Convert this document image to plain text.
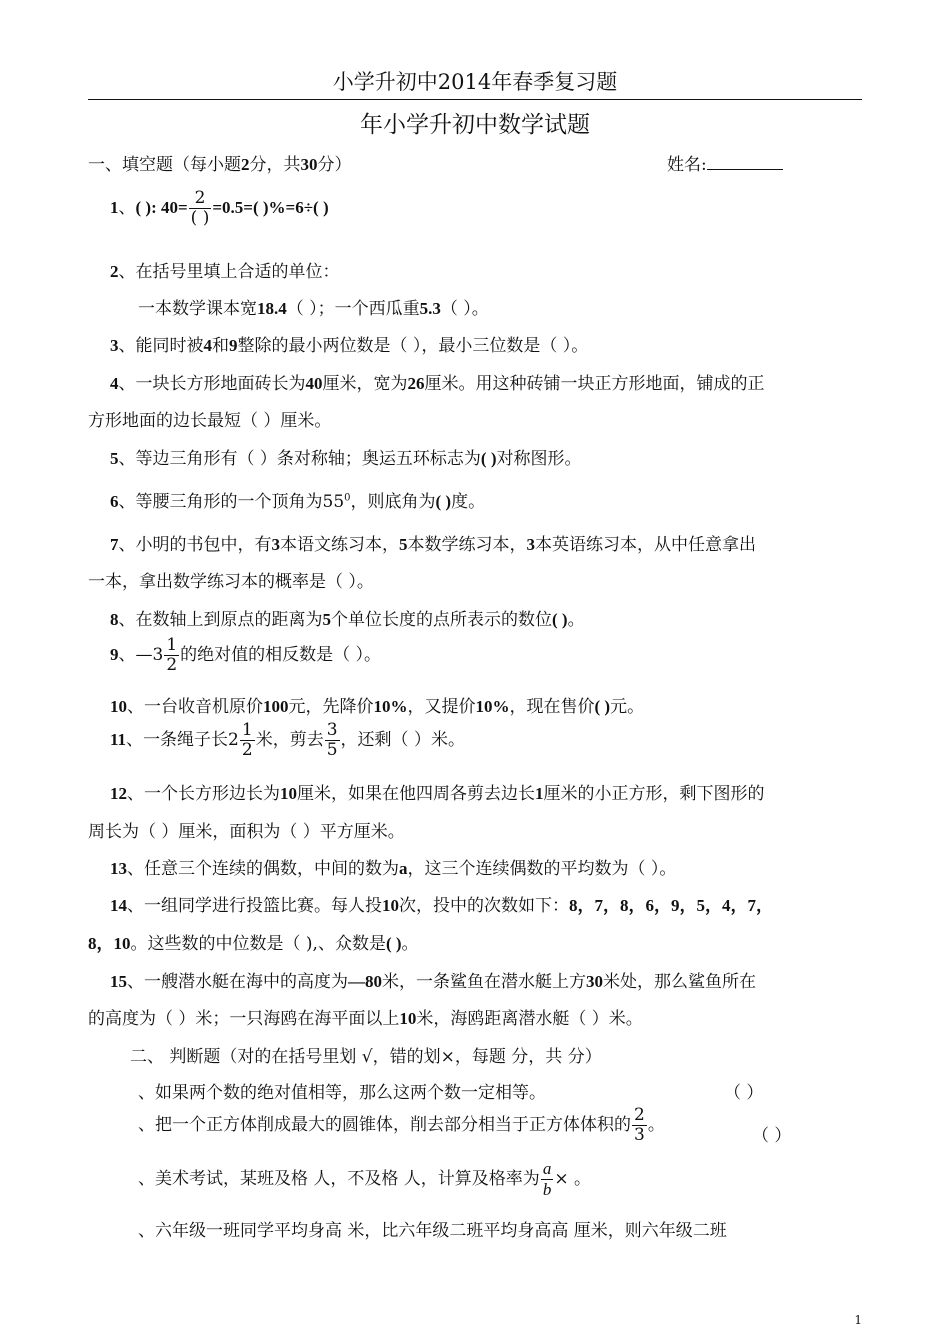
小学升初中2014年春季复习题
年小学升初中数学试题
一、填空题（每小题2分，共30分）	姓名:
1、( ): $40= \frac{2}{( )} =0.5=$( )%=6÷( )
2、在括号里填上合适的单位：
一本数学课本宽18.4（ ）；一个西瓜重5.3（ ）。
3、能同时被4和9整除的最小两位数是（ ），最小三位数是（ ）。
4、一块长方形地面砖长为40厘米，宽为26厘米。用这种砖铺一块正方形地面，铺成的正
方形地面的边长最短（ ）厘米。
5、等边三角形有（ ）条对称轴；奥运五环标志为( )对称图形。
6、等腰三角形的一个顶角为$55^0$，则底角为( )度。
7、小明的书包中，有3本语文练习本，5本数学练习本，3本英语练习本，从中任意拿出
一本，拿出数学练习本的概率是（ ）。
8、在数轴上到原点的距离为5个单位长度的点所表示的数位( )。
9、—3 $\frac{1}{2}$ 的绝对值的相反数是（ ）。
10、一台收音机原价100元，先降价10%，又提价10%，现在售价( )元。
11、一条绳子长$2 \frac{1}{2}$ 米，剪去 $\frac{3}{5}$ ，还剩（ ）米。
12、一个长方形边长为10厘米，如果在他四周各剪去边长1厘米的小正方形，剩下图形的
周长为（ ）厘米，面积为（ ）平方厘米。
13、任意三个连续的偶数，中间的数为a，这三个连续偶数的平均数为（ ）。
14、一组同学进行投篮比赛。每人投10次，投中的次数如下：8，7，8，6，9，5，4，7，
8，10。这些数的中位数是（ ),、众数是( )。
15、一艘潜水艇在海中的高度为—80米，一条鲨鱼在潜水艇上方30米处，那么鲨鱼所在
的高度为（ ）米；一只海鸥在海平面以上10米，海鸥距离潜水艇（ ）米。
二、 判断题（对的在括号里划 √，错的划×，每题 分，共 分）
、如果两个数的绝对值相等，那么这两个数一定相等。	（ ）
、把一个正方体削成最大的圆锥体，削去部分相当于正方体体积的 $\frac{2}{3}$ 。
（ ）
、美术考试，某班及格 人，不及格 人，计算及格率为 $\frac{a}{b}$ × 。
、六年级一班同学平均身高 米，比六年级二班平均身高高 厘米，则六年级二班
1
